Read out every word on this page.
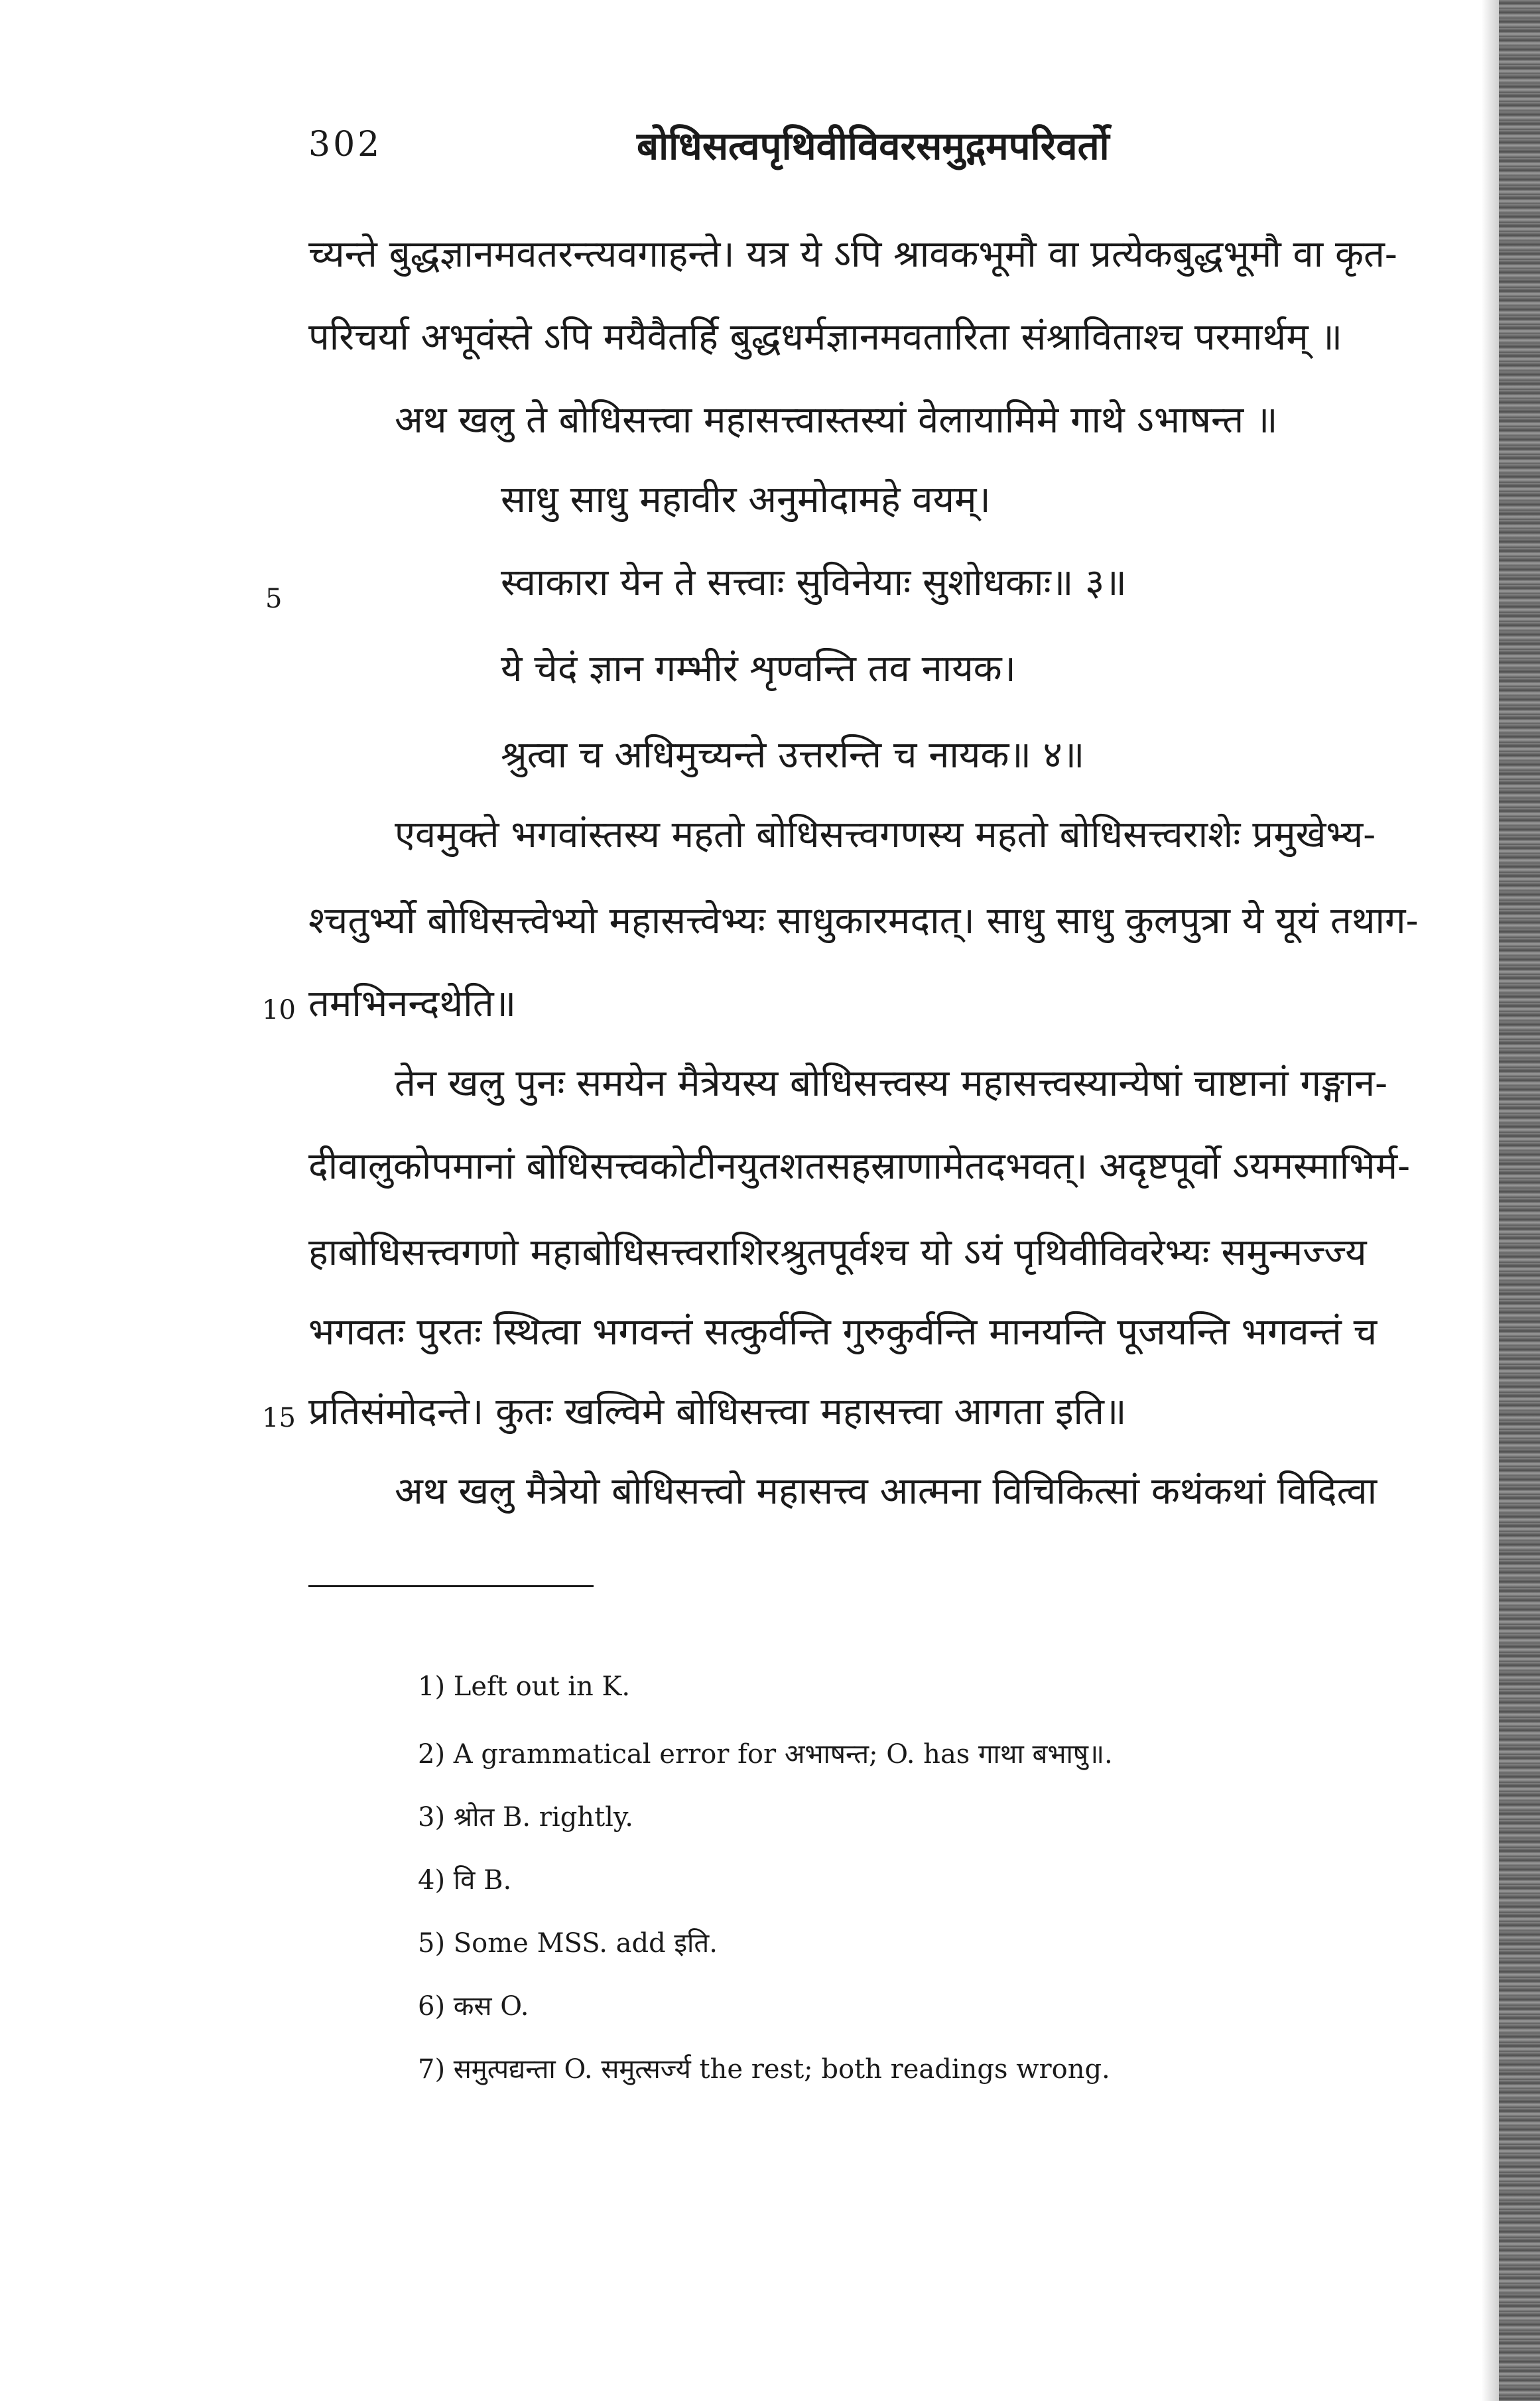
302	बोधिसत्वपृथिवीविवरसमुद्गमपरिवर्तो
च्यन्ते बुद्धज्ञानमवतरन्त्यवगाहन्ते। यत्र ये ऽपि श्रावकभूमौ वा प्रत्येकबुद्धभूमौ वा कृत-
परिचर्या अभूवंस्ते ऽपि मयैवैतर्हि बुद्धधर्मज्ञानमवतारिता संश्राविताश्च परमार्थम् ॥
अथ खलु ते बोधिसत्त्वा महासत्त्वास्तस्यां वेलायामिमे गाथे ऽभाषन्त ॥
साधु साधु महावीर अनुमोदामहे वयम्।
स्वाकारा येन ते सत्त्वाः सुविनेयाः सुशोधकाः॥ ३॥
ये चेदं ज्ञान गम्भीरं शृण्वन्ति तव नायक।
श्रुत्वा च अधिमुच्यन्ते उत्तरन्ति च नायक॥ ४॥
एवमुक्ते भगवांस्तस्य महतो बोधिसत्त्वगणस्य महतो बोधिसत्त्वराशेः प्रमुखेभ्य-
श्चतुर्भ्यो बोधिसत्त्वेभ्यो महासत्त्वेभ्यः साधुकारमदात्। साधु साधु कुलपुत्रा ये यूयं तथाग-
तमभिनन्दथेति॥
तेन खलु पुनः समयेन मैत्रेयस्य बोधिसत्त्वस्य महासत्त्वस्यान्येषां चाष्टानां गङ्गान-
दीवालुकोपमानां बोधिसत्त्वकोटीनयुतशतसहस्राणामेतदभवत्। अदृष्टपूर्वो ऽयमस्माभिर्म-
हाबोधिसत्त्वगणो महाबोधिसत्त्वराशिरश्रुतपूर्वश्च यो ऽयं पृथिवीविवरेभ्यः समुन्मज्ज्य
भगवतः पुरतः स्थित्वा भगवन्तं सत्कुर्वन्ति गुरुकुर्वन्ति मानयन्ति पूजयन्ति भगवन्तं च
प्रतिसंमोदन्ते। कुतः खल्विमे बोधिसत्त्वा महासत्त्वा आगता इति॥
अथ खलु मैत्रेयो बोधिसत्त्वो महासत्त्व आत्मना विचिकित्सां कथंकथां विदित्वा
5
10
15
1) Left out in K.
2) A grammatical error for अभाषन्त; O. has गाथा बभाषु॥.
3) श्रोत B. rightly.
4) वि B.
5) Some MSS. add इति.
6) कस O.
7) समुत्पद्यन्ता O. समुत्सर्ज्य the rest; both readings wrong.
